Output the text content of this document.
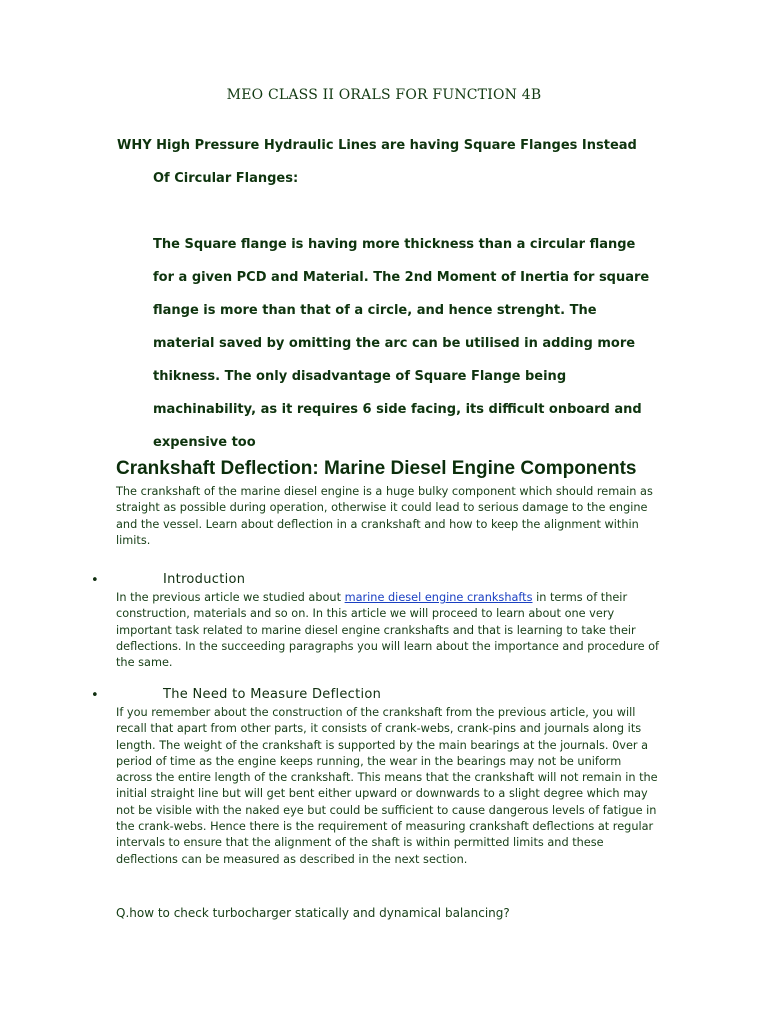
MEO CLASS II ORALS FOR FUNCTION 4B
WHY High Pressure Hydraulic Lines are having Square Flanges Instead
Of Circular Flanges:

The Square flange is having more thickness than a circular flange

for a given PCD and Material. The 2nd Moment of Inertia for square

flange is more than that of a circle, and hence strenght. The

material saved by omitting the arc can be utilised in adding more

thikness. The only disadvantage of Square Flange being

machinability, as it requires 6 side facing, its difficult onboard and

expensive too

Crankshaft Deflection: Marine Diesel Engine Components
The crankshaft of the marine diesel engine is a huge bulky component which should remain as straight as possible during operation, otherwise it could lead to serious damage to the engine and the vessel. Learn about deflection in a crankshaft and how to keep the alignment within limits.
•	Introduction
In the previous article we studied about marine diesel engine crankshafts in terms of their construction, materials and so on. In this article we will proceed to learn about one very important task related to marine diesel engine crankshafts and that is learning to take their deflections. In the succeeding paragraphs you will learn about the importance and procedure of the same.
•	The Need to Measure Deflection
If you remember about the construction of the crankshaft from the previous article, you will recall that apart from other parts, it consists of crank-webs, crank-pins and journals along its length. The weight of the crankshaft is supported by the main bearings at the journals. 0ver a period of time as the engine keeps running, the wear in the bearings may not be uniform across the entire length of the crankshaft. This means that the crankshaft will not remain in the initial straight line but will get bent either upward or downwards to a slight degree which may not be visible with the naked eye but could be sufficient to cause dangerous levels of fatigue in the crank-webs. Hence there is the requirement of measuring crankshaft deflections at regular intervals to ensure that the alignment of the shaft is within permitted limits and these deflections can be measured as described in the next section.
Q.how to check turbocharger statically and dynamical balancing?
